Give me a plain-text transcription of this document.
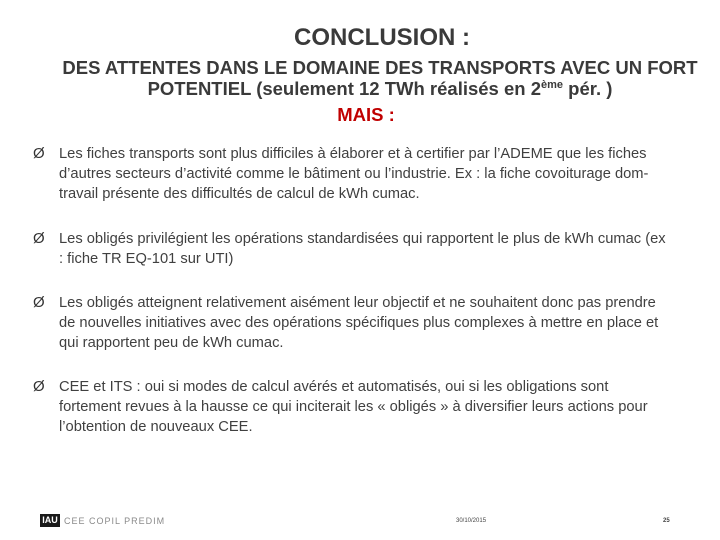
CONCLUSION :
DES ATTENTES DANS LE DOMAINE DES TRANSPORTS AVEC UN FORT POTENTIEL (seulement 12 TWh réalisés en 2ème pér. )
MAIS :
Ø Les fiches transports sont plus difficiles à élaborer et à certifier par l’ADEME que les fiches d’autres secteurs d’activité comme le bâtiment ou l’industrie. Ex : la fiche covoiturage dom-travail présente des difficultés de calcul de kWh cumac.
Ø Les obligés privilégient les opérations standardisées qui rapportent le plus de kWh cumac (ex : fiche TR EQ-101 sur UTI)
Ø Les obligés atteignent relativement aisément leur objectif et ne souhaitent donc pas prendre de nouvelles initiatives avec des opérations spécifiques plus complexes à mettre en place et qui rapportent peu de kWh cumac.
Ø CEE et ITS : oui si modes de calcul avérés et automatisés, oui si les obligations sont fortement revues à la hausse ce qui inciterait les « obligés » à diversifier leurs actions pour l’obtention de nouveaux CEE.
IAU CEE COPIL PREDIM	30/10/2015	25
